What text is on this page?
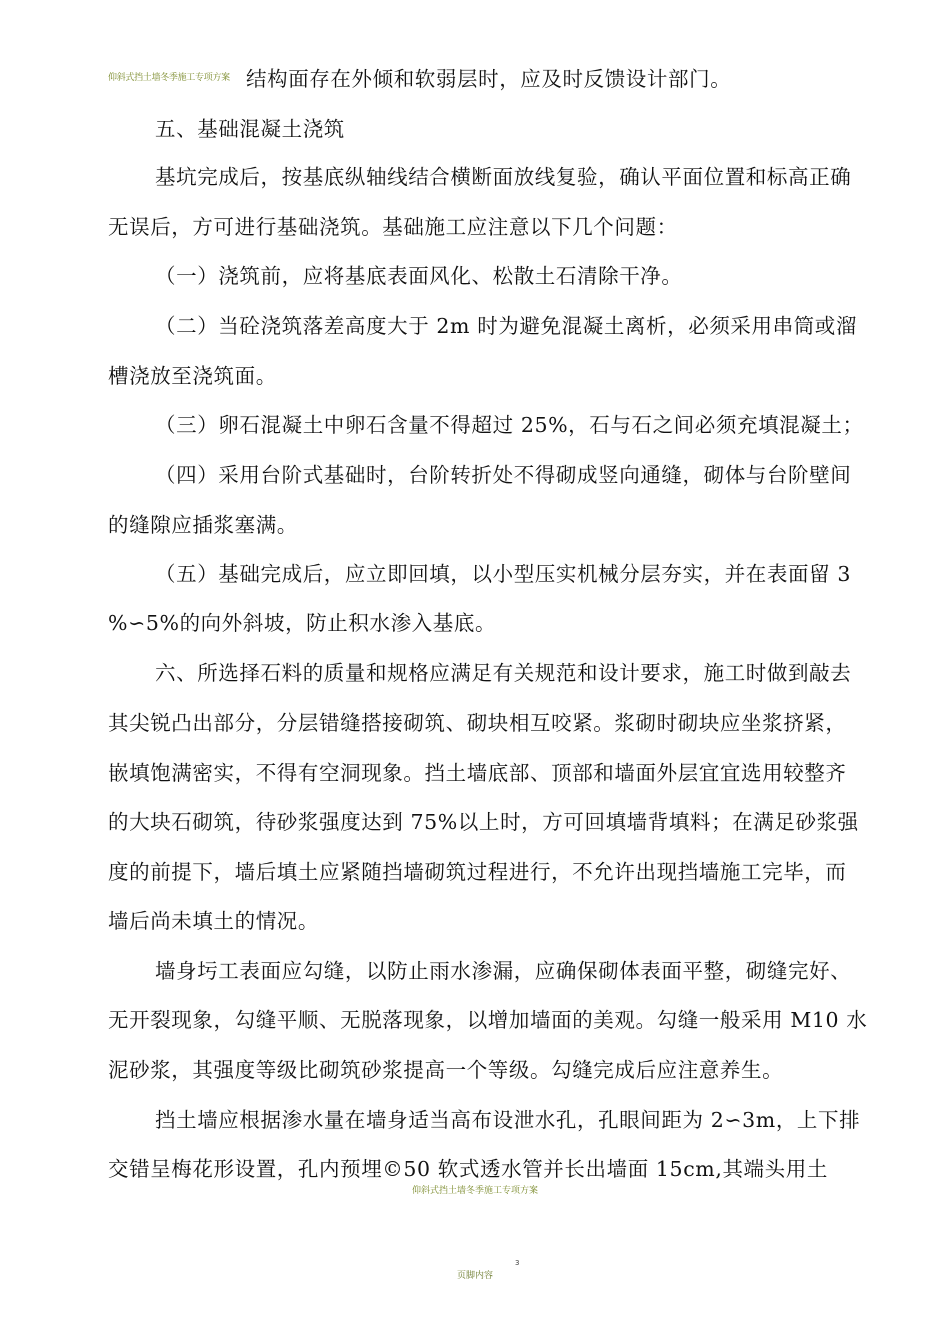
仰斜式挡土墙冬季施工专项方案 结构面存在外倾和软弱层时，应及时反馈设计部门。
五、基础混凝土浇筑
基坑完成后，按基底纵轴线结合横断面放线复验，确认平面位置和标高正确
无误后，方可进行基础浇筑。基础施工应注意以下几个问题：
（一）浇筑前，应将基底表面风化、松散土石清除干净。
（二）当砼浇筑落差高度大于 2m 时为避免混凝土离析，必须采用串筒或溜
槽浇放至浇筑面。
（三）卵石混凝土中卵石含量不得超过 25%，石与石之间必须充填混凝土；
（四）采用台阶式基础时，台阶转折处不得砌成竖向通缝，砌体与台阶壁间
的缝隙应插浆塞满。
（五）基础完成后，应立即回填，以小型压实机械分层夯实，并在表面留 3
%∽5%的向外斜坡，防止积水渗入基底。
六、所选择石料的质量和规格应满足有关规范和设计要求，施工时做到敲去
其尖锐凸出部分，分层错缝搭接砌筑、砌块相互咬紧。浆砌时砌块应坐浆挤紧，
嵌填饱满密实，不得有空洞现象。挡土墙底部、顶部和墙面外层宜宜选用较整齐
的大块石砌筑，待砂浆强度达到 75%以上时，方可回填墙背填料；在满足砂浆强
度的前提下，墙后填土应紧随挡墙砌筑过程进行，不允许出现挡墙施工完毕，而
墙后尚未填土的情况。
墙身圬工表面应勾缝，以防止雨水渗漏，应确保砌体表面平整，砌缝完好、
无开裂现象，勾缝平顺、无脱落现象，以增加墙面的美观。勾缝一般采用 M10 水
泥砂浆，其强度等级比砌筑砂浆提高一个等级。勾缝完成后应注意养生。
挡土墙应根据渗水量在墙身适当高布设泄水孔，孔眼间距为 2∽3m，上下排
交错呈梅花形设置，孔内预埋©50 软式透水管并长出墙面 15cm,其端头用土
仰斜式挡土墙冬季施工专项方案
3
页脚内容
